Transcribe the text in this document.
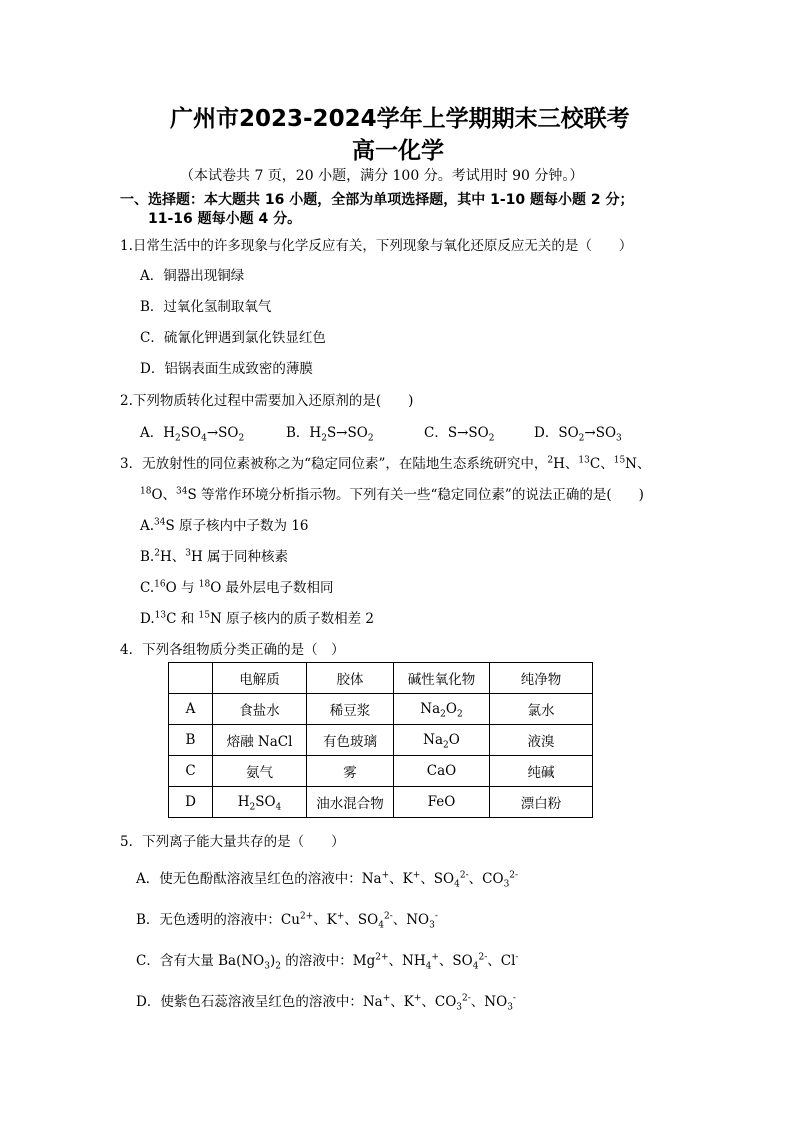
广州市2023-2024学年上学期期末三校联考
高一化学
（本试卷共 7 页，20 小题，满分 100 分。考试用时 90 分钟。）
一、选择题：本大题共 16 小题，全部为单项选择题，其中 1-10 题每小题 2 分；
11-16 题每小题 4 分。
1.日常生活中的许多现象与化学反应有关，下列现象与氧化还原反应无关的是（　　）
A．铜器出现铜绿
B．过氧化氢制取氧气
C．硫氰化钾遇到氯化铁显红色
D．铝锅表面生成致密的薄膜
2.下列物质转化过程中需要加入还原剂的是(　　)
A．$H_2SO_4\to SO_2$	B．$H_2S\to SO_2$	C．$S\to SO_2$	D．$SO_2\to SO_3$
3．无放射性的同位素被称之为“稳定同位素”，在陆地生态系统研究中，$^2$H、$^{13}$C、$^{15}$N、
$^{18}$O、$^{34}$S 等常作环境分析指示物。下列有关一些“稳定同位素”的说法正确的是(　　)
A.$^{34}$S 原子核内中子数为 16
B.$^2$H、$^3$H 属于同种核素
C.$^{16}$O 与 $^{18}$O 最外层电子数相同
D.$^{13}$C 和 $^{15}$N 原子核内的质子数相差 2
4．下列各组物质分类正确的是（　）
	电解质	胶体	碱性氧化物	纯净物
A	食盐水	稀豆浆	$Na_2O_2$	氯水
B	熔融 NaCl	有色玻璃	$Na_2O$	液溴
C	氨气	雾	CaO	纯碱
D	$H_2SO_4$	油水混合物	FeO	漂白粉
5．下列离子能大量共存的是（　　）
A．使无色酚酞溶液呈红色的溶液中：Na+、K+、$SO_4^{2-}$、$CO_3^{2-}$
B．无色透明的溶液中：$Cu^{2+}$、K+、$SO_4^{2-}$、$NO_3^-$
C．含有大量 $Ba(NO_3)_2$ 的溶液中：$Mg^{2+}$、$NH_4^+$、$SO_4^{2-}$、Cl-
D．使紫色石蕊溶液呈红色的溶液中：Na+、K+、$CO_3^{2-}$、$NO_3^-$
